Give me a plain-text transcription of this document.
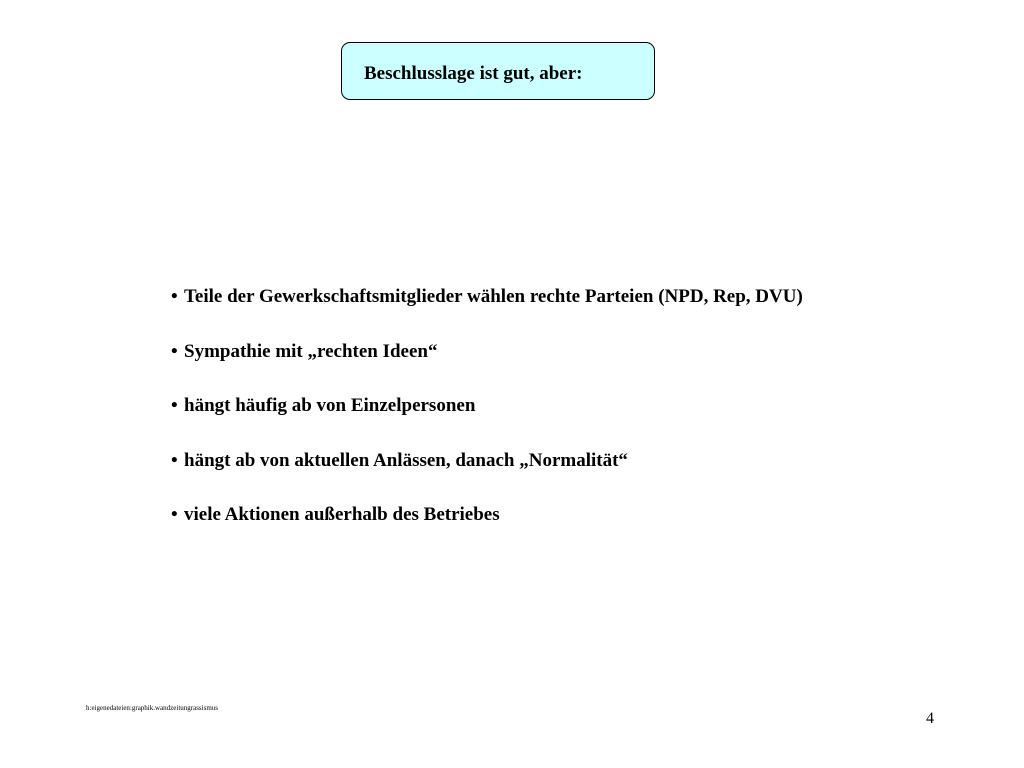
Beschlusslage ist gut, aber:
• Teile der Gewerkschaftsmitglieder wählen rechte Parteien (NPD, Rep, DVU)
• Sympathie mit „rechten Ideen“
• hängt häufig ab von Einzelpersonen
• hängt ab von aktuellen Anlässen, danach „Normalität“
• viele Aktionen außerhalb des Betriebes
h:eigenedateien:graphik.wandzeitungrassismus
4
